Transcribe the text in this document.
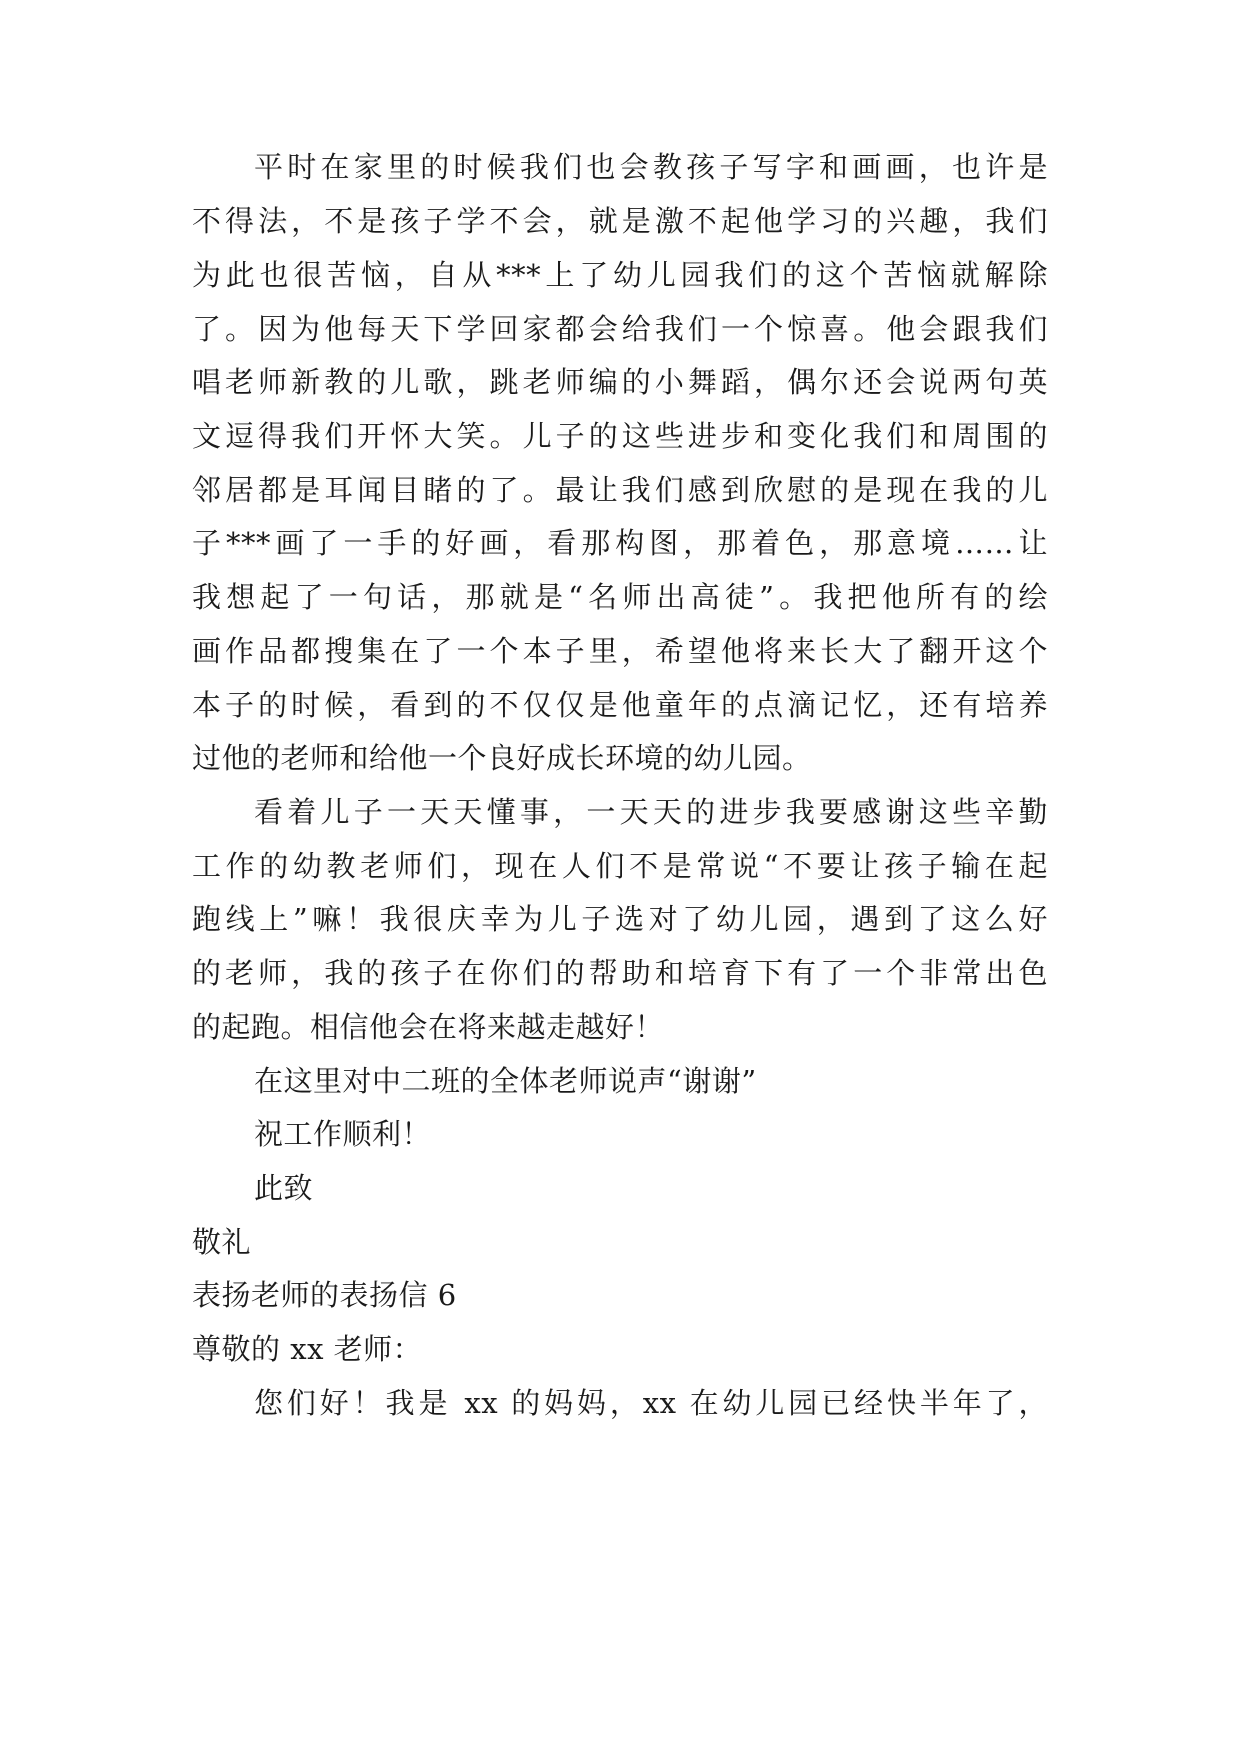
平时在家里的时候我们也会教孩子写字和画画，也许是

不得法，不是孩子学不会，就是激不起他学习的兴趣，我们

为此也很苦恼，自从***上了幼儿园我们的这个苦恼就解除

了。因为他每天下学回家都会给我们一个惊喜。他会跟我们

唱老师新教的儿歌，跳老师编的小舞蹈，偶尔还会说两句英

文逗得我们开怀大笑。儿子的这些进步和变化我们和周围的

邻居都是耳闻目睹的了。最让我们感到欣慰的是现在我的儿

子***画了一手的好画，看那构图，那着色，那意境……让

我想起了一句话，那就是“名师出高徒”。我把他所有的绘

画作品都搜集在了一个本子里，希望他将来长大了翻开这个

本子的时候，看到的不仅仅是他童年的点滴记忆，还有培养

过他的老师和给他一个良好成长环境的幼儿园。

看着儿子一天天懂事，一天天的进步我要感谢这些辛勤

工作的幼教老师们，现在人们不是常说“不要让孩子输在起

跑线上”嘛！我很庆幸为儿子选对了幼儿园，遇到了这么好

的老师，我的孩子在你们的帮助和培育下有了一个非常出色

的起跑。相信他会在将来越走越好！

在这里对中二班的全体老师说声“谢谢”

祝工作顺利！

此致

敬礼

表扬老师的表扬信 6

尊敬的 xx 老师：

您们好！我是 xx 的妈妈，xx 在幼儿园已经快半年了，
